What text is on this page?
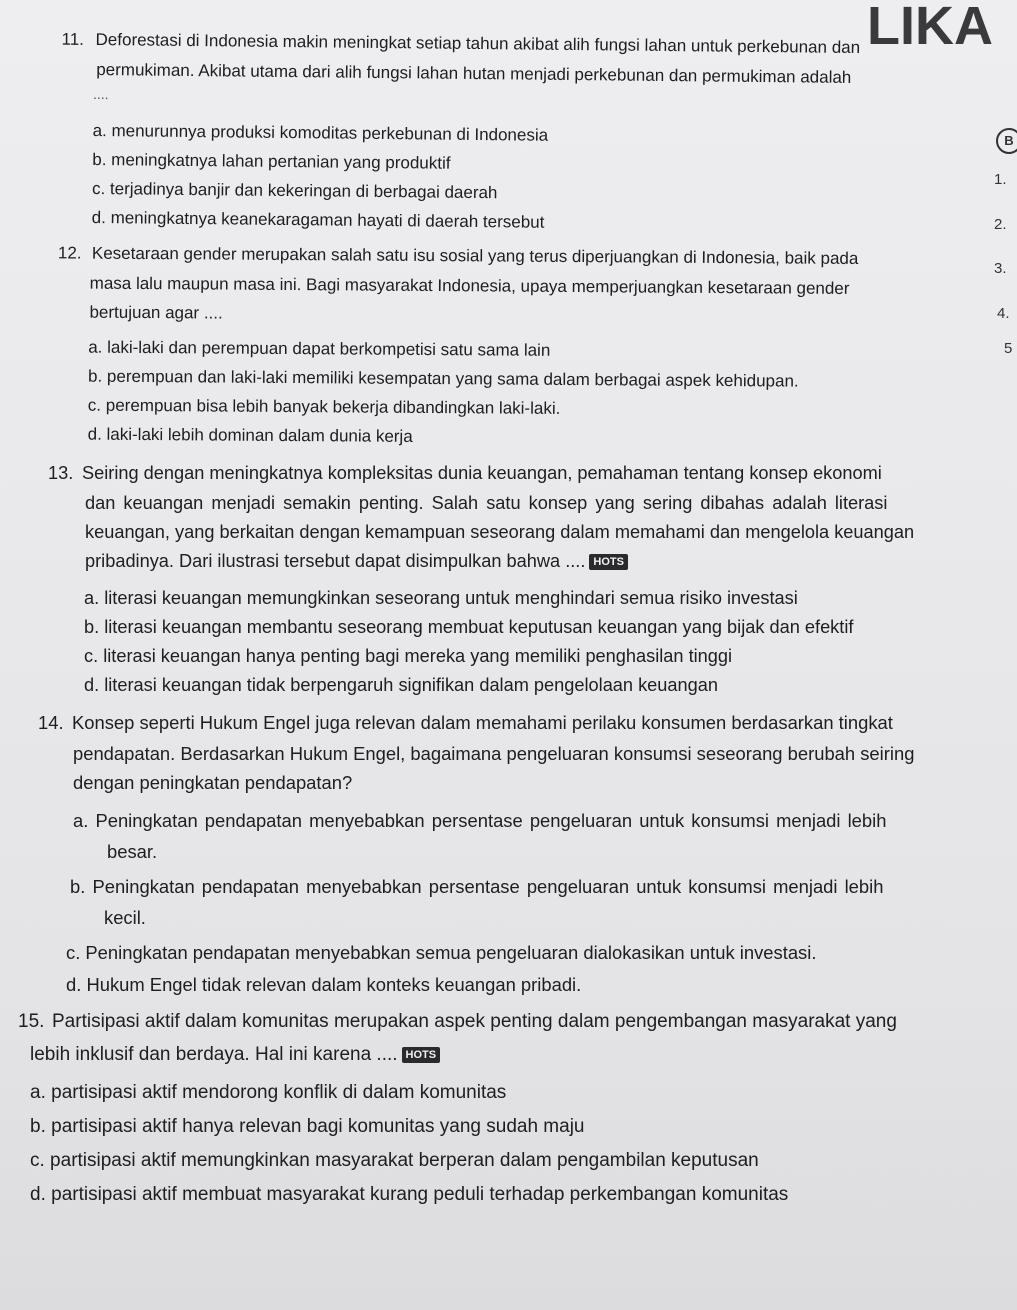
LIKA
B
1.
2.
3.
4.
5
11. Deforestasi di Indonesia makin meningkat setiap tahun akibat alih fungsi lahan untuk perkebunan dan
permukiman. Akibat utama dari alih fungsi lahan hutan menjadi perkebunan dan permukiman adalah
....
a. menurunnya produksi komoditas perkebunan di Indonesia
b. meningkatnya lahan pertanian yang produktif
c. terjadinya banjir dan kekeringan di berbagai daerah
d. meningkatnya keanekaragaman hayati di daerah tersebut
12. Kesetaraan gender merupakan salah satu isu sosial yang terus diperjuangkan di Indonesia, baik pada
masa lalu maupun masa ini. Bagi masyarakat Indonesia, upaya memperjuangkan kesetaraan gender
bertujuan agar ....
a. laki-laki dan perempuan dapat berkompetisi satu sama lain
b. perempuan dan laki-laki memiliki kesempatan yang sama dalam berbagai aspek kehidupan.
c. perempuan bisa lebih banyak bekerja dibandingkan laki-laki.
d. laki-laki lebih dominan dalam dunia kerja
13. Seiring dengan meningkatnya kompleksitas dunia keuangan, pemahaman tentang konsep ekonomi
dan keuangan menjadi semakin penting. Salah satu konsep yang sering dibahas adalah literasi
keuangan, yang berkaitan dengan kemampuan seseorang dalam memahami dan mengelola keuangan
pribadinya. Dari ilustrasi tersebut dapat disimpulkan bahwa .... HOTS
a. literasi keuangan memungkinkan seseorang untuk menghindari semua risiko investasi
b. literasi keuangan membantu seseorang membuat keputusan keuangan yang bijak dan efektif
c. literasi keuangan hanya penting bagi mereka yang memiliki penghasilan tinggi
d. literasi keuangan tidak berpengaruh signifikan dalam pengelolaan keuangan
14. Konsep seperti Hukum Engel juga relevan dalam memahami perilaku konsumen berdasarkan tingkat
pendapatan. Berdasarkan Hukum Engel, bagaimana pengeluaran konsumsi seseorang berubah seiring
dengan peningkatan pendapatan?
a. Peningkatan pendapatan menyebabkan persentase pengeluaran untuk konsumsi menjadi lebih
besar.
b. Peningkatan pendapatan menyebabkan persentase pengeluaran untuk konsumsi menjadi lebih
kecil.
c. Peningkatan pendapatan menyebabkan semua pengeluaran dialokasikan untuk investasi.
d. Hukum Engel tidak relevan dalam konteks keuangan pribadi.
15. Partisipasi aktif dalam komunitas merupakan aspek penting dalam pengembangan masyarakat yang
lebih inklusif dan berdaya. Hal ini karena .... HOTS
a. partisipasi aktif mendorong konflik di dalam komunitas
b. partisipasi aktif hanya relevan bagi komunitas yang sudah maju
c. partisipasi aktif memungkinkan masyarakat berperan dalam pengambilan keputusan
d. partisipasi aktif membuat masyarakat kurang peduli terhadap perkembangan komunitas
